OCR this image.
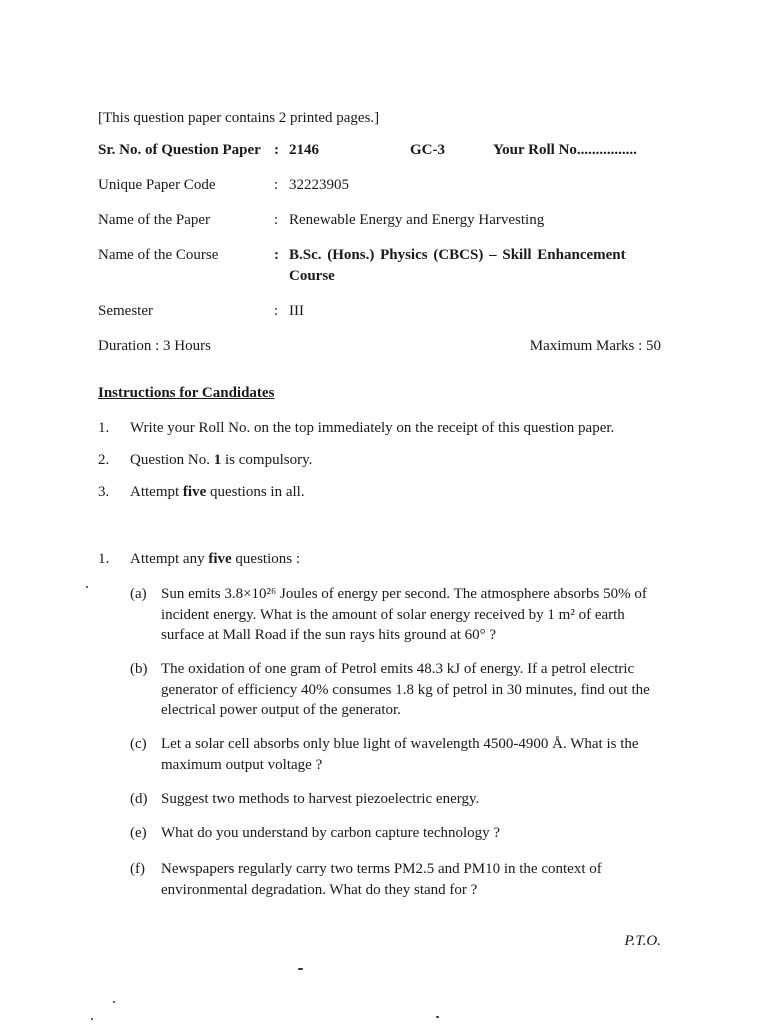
[This question paper contains 2 printed pages.]
Sr. No. of Question Paper : 2146	GC-3	Your Roll No................
Unique Paper Code	: 32223905
Name of the Paper	: Renewable Energy and Energy Harvesting
Name of the Course	: B.Sc. (Hons.) Physics (CBCS) – Skill Enhancement
Course
Semester	: III
Duration : 3 Hours	Maximum Marks : 50
Instructions for Candidates
1. Write your Roll No. on the top immediately on the receipt of this question paper.
2. Question No. 1 is compulsory.
3. Attempt five questions in all.
1. Attempt any five questions :
(a) Sun emits 3.8×10²⁶ Joules of energy per second. The atmosphere absorbs 50% of incident energy. What is the amount of solar energy received by 1 m² of earth surface at Mall Road if the sun rays hits ground at 60° ?
(b) The oxidation of one gram of Petrol emits 48.3 kJ of energy. If a petrol electric generator of efficiency 40% consumes 1.8 kg of petrol in 30 minutes, find out the electrical power output of the generator.
(c) Let a solar cell absorbs only blue light of wavelength 4500-4900 Å. What is the maximum output voltage ?
(d) Suggest two methods to harvest piezoelectric energy.
(e) What do you understand by carbon capture technology ?
(f) Newspapers regularly carry two terms PM2.5 and PM10 in the context of environmental degradation. What do they stand for ?
P.T.O.
